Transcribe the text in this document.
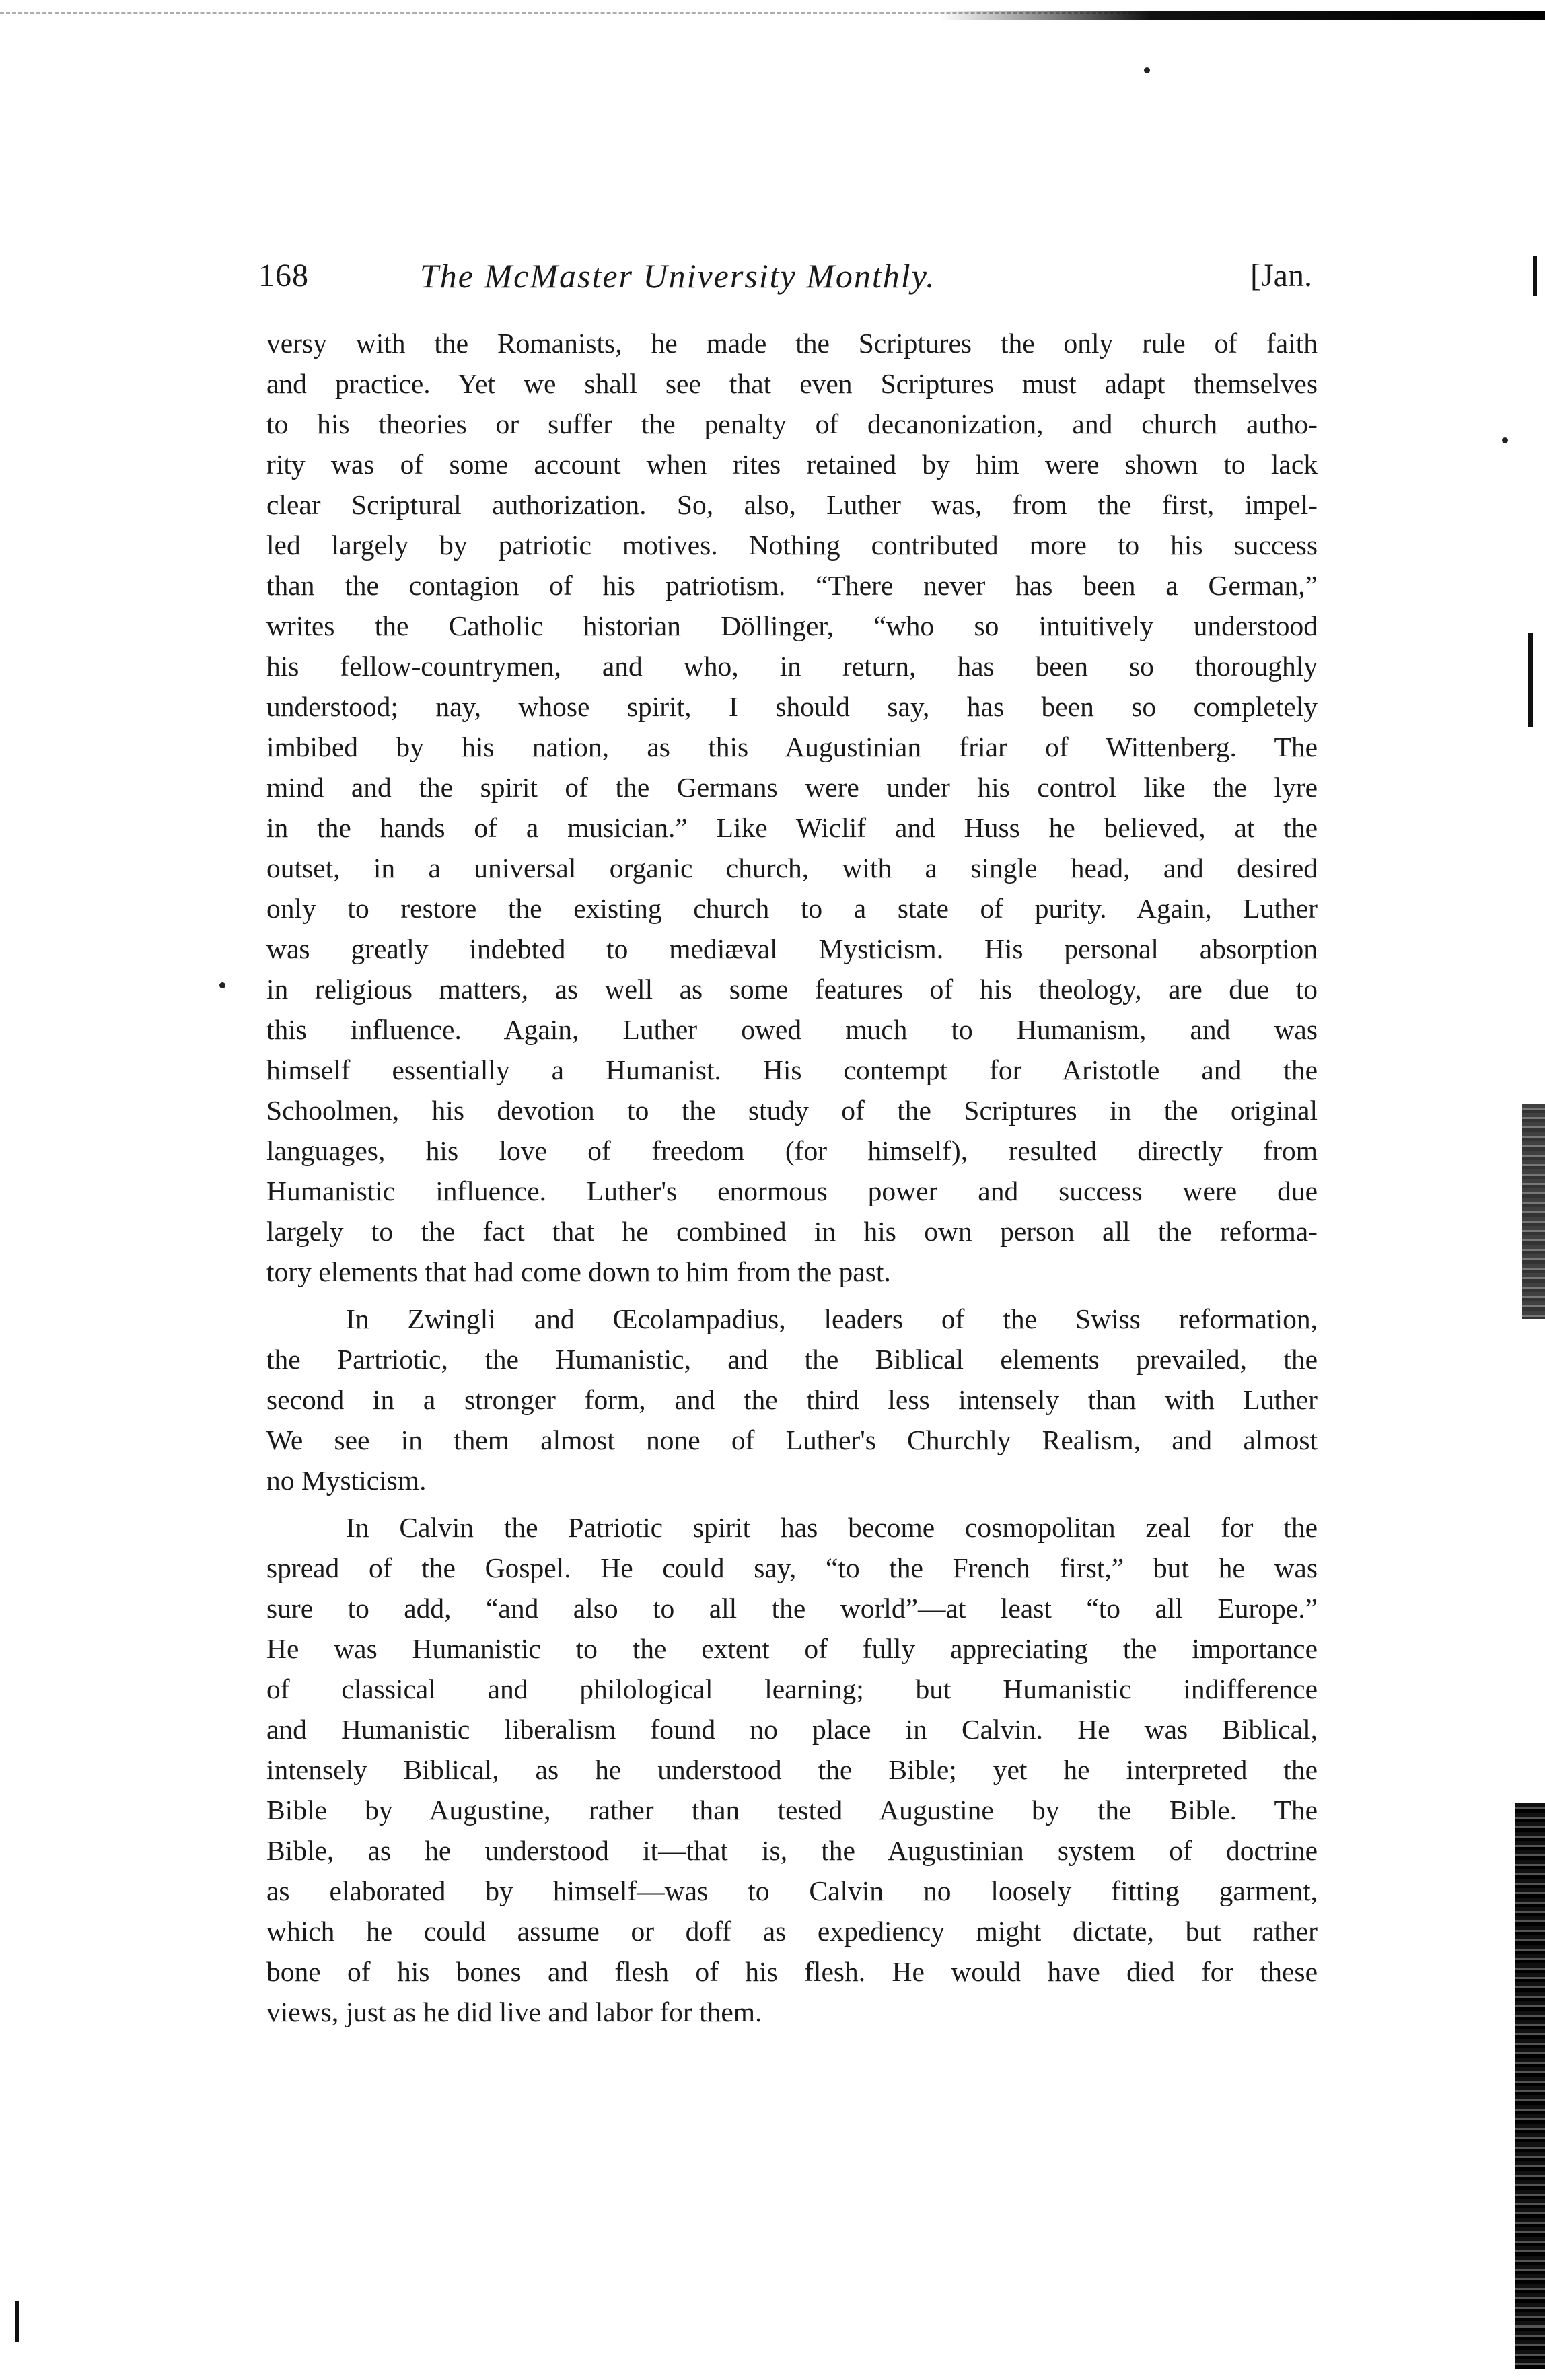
168	The McMaster University Monthly.	[Jan.

versy with the Romanists, he made the Scriptures the only rule of faith
and practice. Yet we shall see that even Scriptures must adapt themselves
to his theories or suffer the penalty of decanonization, and church autho-
rity was of some account when rites retained by him were shown to lack
clear Scriptural authorization. So, also, Luther was, from the first, impel-
led largely by patriotic motives. Nothing contributed more to his success
than the contagion of his patriotism. “There never has been a German,”
writes the Catholic historian Döllinger, “who so intuitively understood
his fellow-countrymen, and who, in return, has been so thoroughly
understood; nay, whose spirit, I should say, has been so completely
imbibed by his nation, as this Augustinian friar of Wittenberg. The
mind and the spirit of the Germans were under his control like the lyre
in the hands of a musician.” Like Wiclif and Huss he believed, at the
outset, in a universal organic church, with a single head, and desired
only to restore the existing church to a state of purity. Again, Luther
was greatly indebted to mediæval Mysticism. His personal absorption
in religious matters, as well as some features of his theology, are due to
this influence. Again, Luther owed much to Humanism, and was
himself essentially a Humanist. His contempt for Aristotle and the
Schoolmen, his devotion to the study of the Scriptures in the original
languages, his love of freedom (for himself), resulted directly from
Humanistic influence. Luther's enormous power and success were due
largely to the fact that he combined in his own person all the reforma-
tory elements that had come down to him from the past.

In Zwingli and Œcolampadius, leaders of the Swiss reformation,
the Partriotic, the Humanistic, and the Biblical elements prevailed, the
second in a stronger form, and the third less intensely than with Luther
We see in them almost none of Luther's Churchly Realism, and almost
no Mysticism.

In Calvin the Patriotic spirit has become cosmopolitan zeal for the
spread of the Gospel. He could say, “to the French first,” but he was
sure to add, “and also to all the world”—at least “to all Europe.”
He was Humanistic to the extent of fully appreciating the importance
of classical and philological learning; but Humanistic indifference
and Humanistic liberalism found no place in Calvin. He was Biblical,
intensely Biblical, as he understood the Bible; yet he interpreted the
Bible by Augustine, rather than tested Augustine by the Bible. The
Bible, as he understood it—that is, the Augustinian system of doctrine
as elaborated by himself—was to Calvin no loosely fitting garment,
which he could assume or doff as expediency might dictate, but rather
bone of his bones and flesh of his flesh. He would have died for these
views, just as he did live and labor for them.
